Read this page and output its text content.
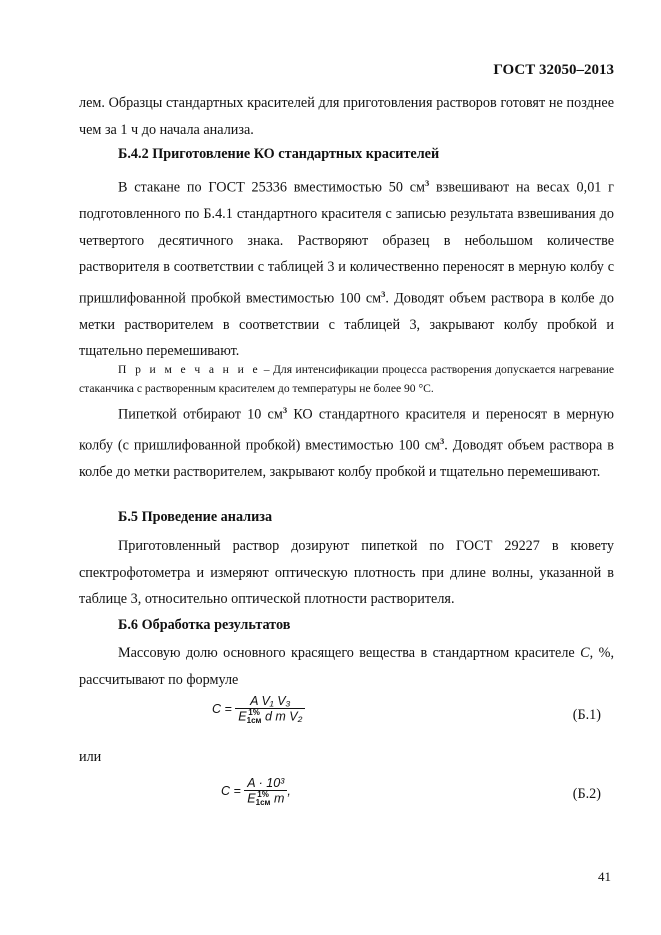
ГОСТ 32050–2013
лем. Образцы стандартных красителей для приготовления растворов готовят не позднее чем за 1 ч до начала анализа.
Б.4.2 Приготовление КО стандартных красителей
В стакане по ГОСТ 25336 вместимостью 50 $см^3$ взвешивают на весах 0,01 г подготовленного по Б.4.1 стандартного красителя с записью результата взвешивания до четвертого десятичного знака. Растворяют образец в небольшом количестве растворителя в соответствии с таблицей 3 и количественно переносят в мерную колбу с пришлифованной пробкой вместимостью 100 $см^3$. Доводят объем раствора в колбе до метки растворителем в соответствии с таблицей 3, закрывают колбу пробкой и тщательно перемешивают.
П р и м е ч а н и е – Для интенсификации процесса растворения допускается нагревание стаканчика с растворенным красителем до температуры не более 90 °С.
Пипеткой отбирают 10 $см^3$ КО стандартного красителя и переносят в мерную колбу (с пришлифованной пробкой) вместимостью 100 $см^3$. Доводят объем раствора в колбе до метки растворителем, закрывают колбу пробкой и тщательно перемешивают.
Б.5 Проведение анализа
Приготовленный раствор дозируют пипеткой по ГОСТ 29227 в кювету спектрофотометра и измеряют оптическую плотность при длине волны, указанной в таблице 3, относительно оптической плотности растворителя.
Б.6 Обработка результатов
Массовую долю основного красящего вещества в стандартном красителе С, %, рассчитывают по формуле
С = A V₁ V₃
E 1%
1см d m V₂	(Б.1)
или
С = A · 10³
E 1%
1см m ,	(Б.2)
41
